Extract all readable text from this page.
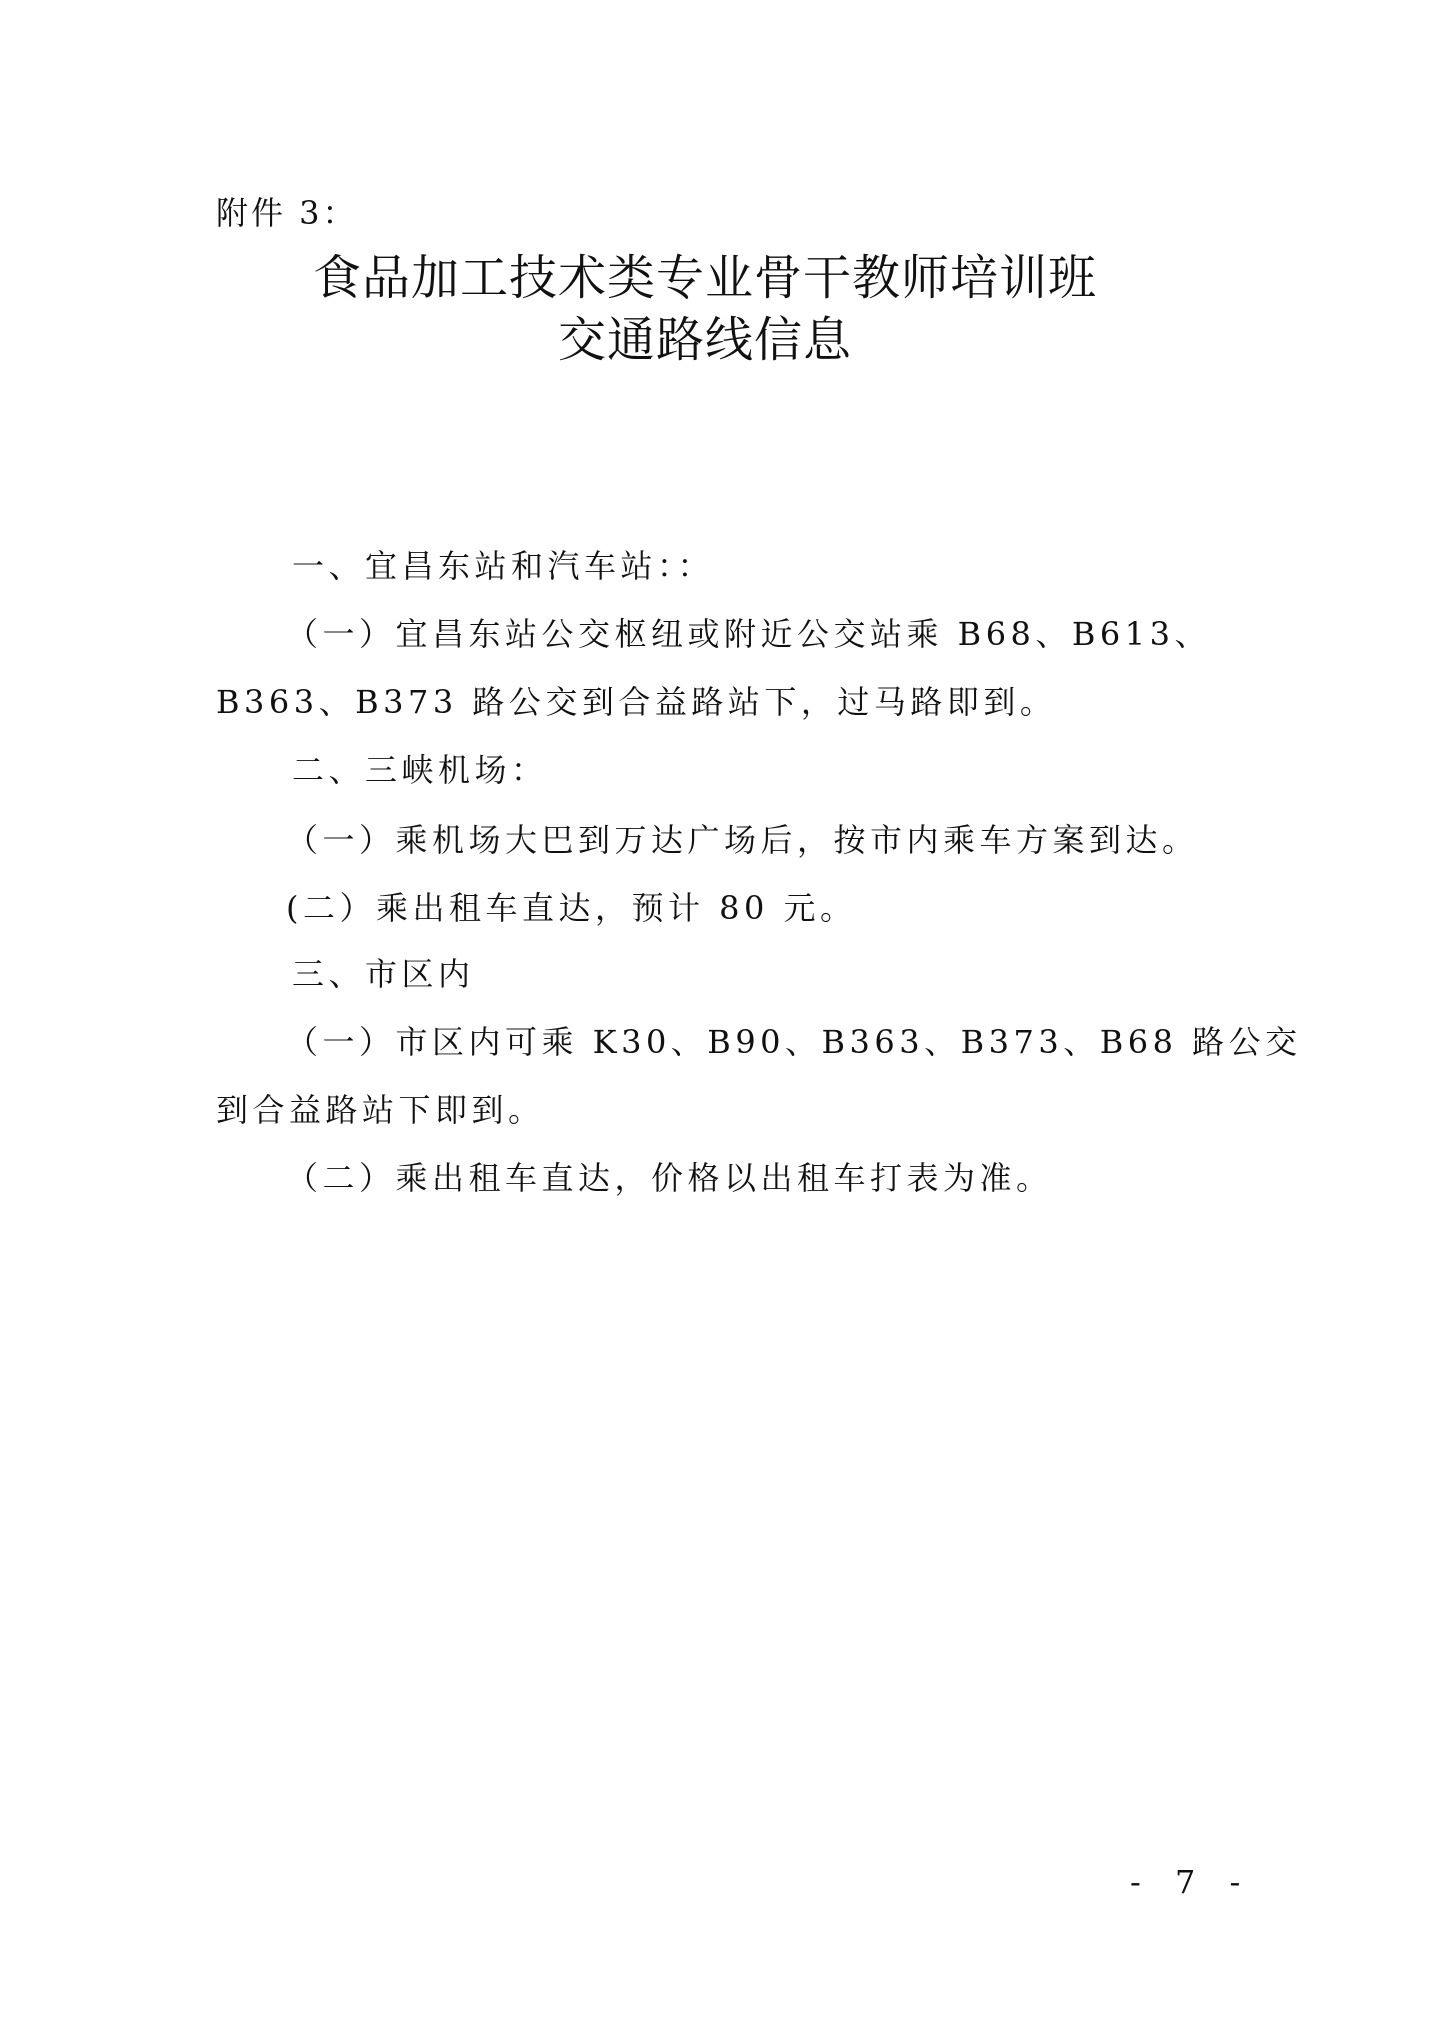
附件 3：
食品加工技术类专业骨干教师培训班
交通路线信息
一、宜昌东站和汽车站：：
（一）宜昌东站公交枢纽或附近公交站乘 B68、B613、
B363、B373 路公交到合益路站下，过马路即到。
二、三峡机场：
（一）乘机场大巴到万达广场后，按市内乘车方案到达。
(二）乘出租车直达，预计 80 元。
三、市区内
（一）市区内可乘 K30、B90、B363、B373、B68 路公交
到合益路站下即到。
（二）乘出租车直达，价格以出租车打表为准。
- 7 -
